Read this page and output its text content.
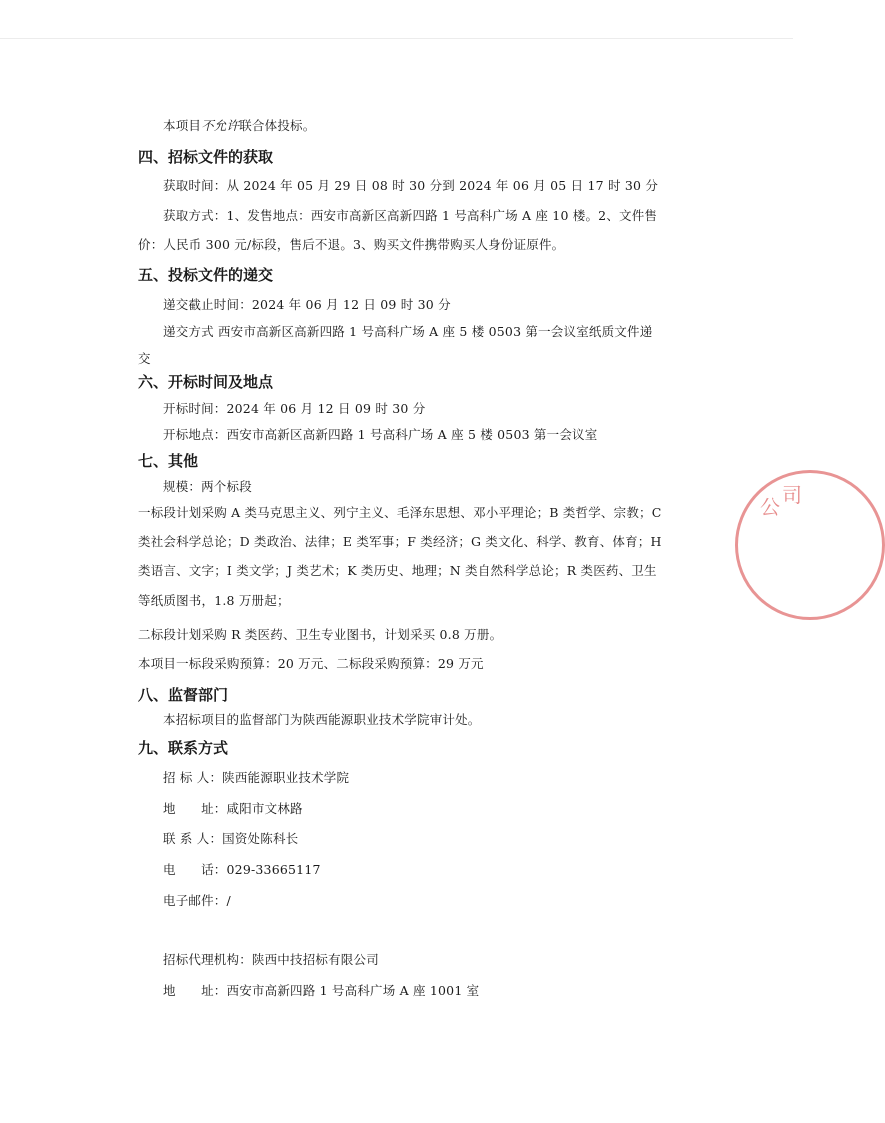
本项目不允许联合体投标。
四、招标文件的获取
获取时间：从 2024 年 05 月 29 日 08 时 30 分到 2024 年 06 月 05 日 17 时 30 分
获取方式：1、发售地点：西安市高新区高新四路 1 号高科广场 A 座 10 楼。2、文件售
价：人民币 300 元/标段，售后不退。3、购买文件携带购买人身份证原件。
五、投标文件的递交
递交截止时间：2024 年 06 月 12 日 09 时 30 分
递交方式 西安市高新区高新四路 1 号高科广场 A 座 5 楼 0503 第一会议室纸质文件递
交
六、开标时间及地点
开标时间：2024 年 06 月 12 日 09 时 30 分
开标地点：西安市高新区高新四路 1 号高科广场 A 座 5 楼 0503 第一会议室
七、其他
规模：两个标段
一标段计划采购 A 类马克思主义、列宁主义、毛泽东思想、邓小平理论；B 类哲学、宗教；C
类社会科学总论；D 类政治、法律；E 类军事；F 类经济；G 类文化、科学、教育、体育；H
类语言、文字；I 类文学；J 类艺术；K 类历史、地理；N 类自然科学总论；R 类医药、卫生
等纸质图书，1.8 万册起；
二标段计划采购 R 类医药、卫生专业图书，计划采买 0.8 万册。
本项目一标段采购预算：20 万元、二标段采购预算：29 万元
八、监督部门
本招标项目的监督部门为陕西能源职业技术学院审计处。
九、联系方式
招 标 人：陕西能源职业技术学院
地　　址：咸阳市文林路
联 系 人：国资处陈科长
电　　话：029-33665117
电子邮件：/
招标代理机构：陕西中技招标有限公司
地　　址：西安市高新四路 1 号高科广场 A 座 1001 室
公 司
